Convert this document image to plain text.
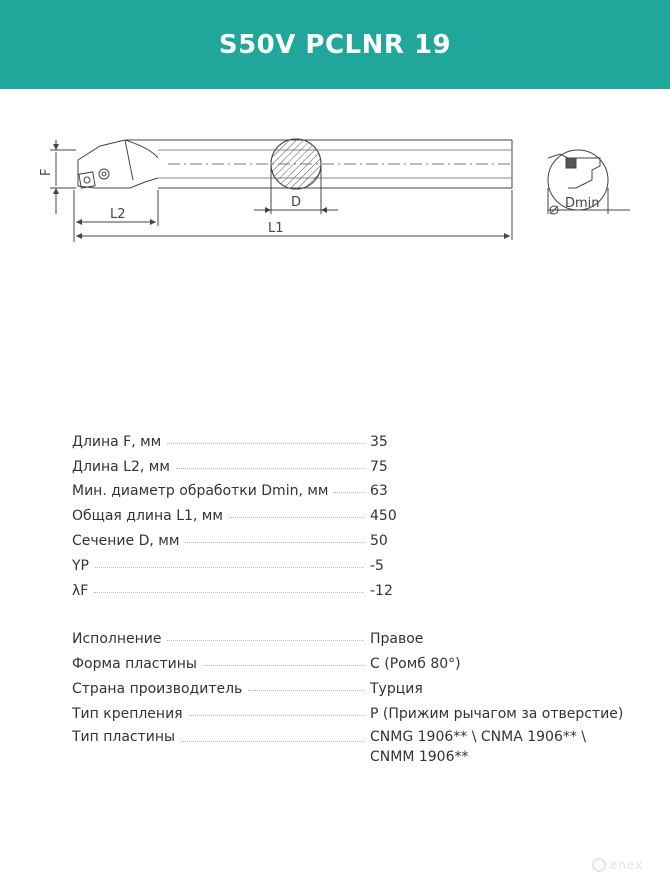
S50V PCLNR 19
F
L2
L1
D	Dmin
Длина F, мм	35
Длина L2, мм	75
Мин. диаметр обработки Dmin, мм	63
Общая длина L1, мм	450
Сечение D, мм	50
YP	-5
λF	-12
Исполнение	Правое
Форма пластины	C (Ромб 80°)
Страна производитель	Турция
Тип крепления	P (Прижим рычагом за отверстие)
Тип пластины	CNMG 1906** \ CNMA 1906** \ CNMM 1906**
enex
